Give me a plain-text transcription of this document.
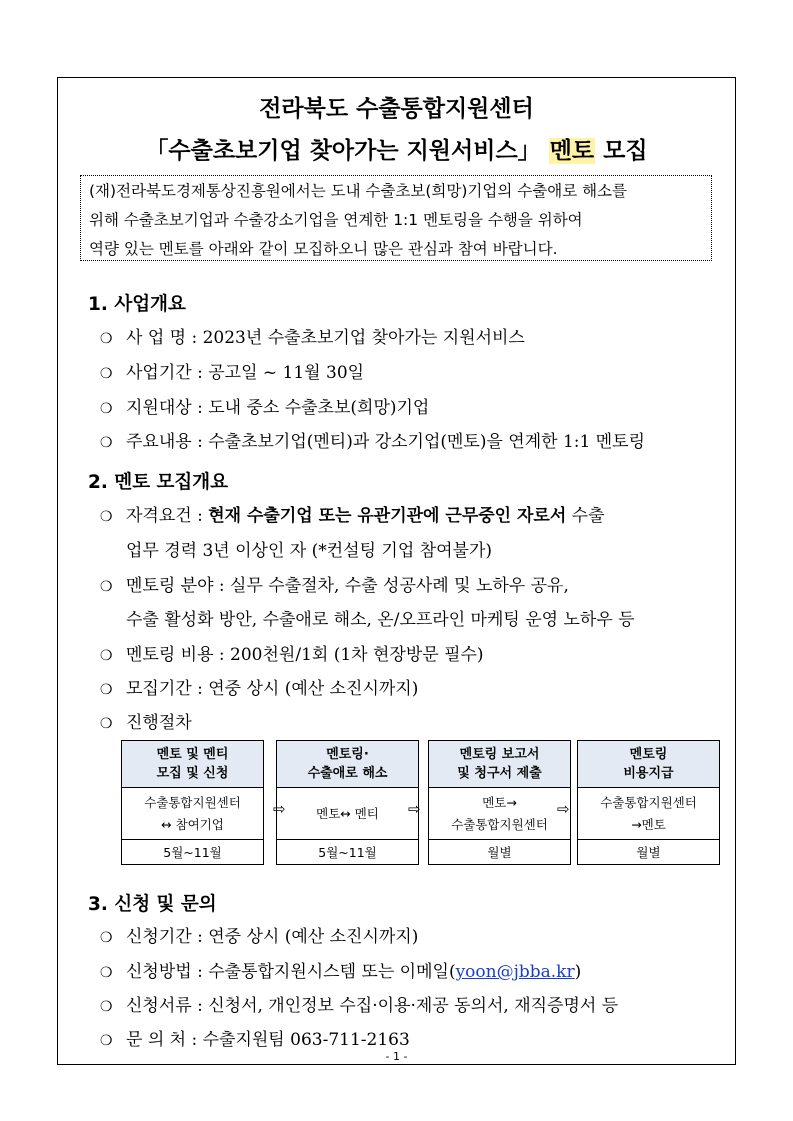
전라북도 수출통합지원센터
「수출초보기업 찾아가는 지원서비스」 멘토 모집

(재)전라북도경제통상진흥원에서는 도내 수출초보(희망)기업의 수출애로 해소를

위해 수출초보기업과 수출강소기업을 연계한 1:1 멘토링을 수행을 위하여

역량 있는 멘토를 아래와 같이 모집하오니 많은 관심과 참여 바랍니다.

1. 사업개요
❍ 사 업 명 : 2023년 수출초보기업 찾아가는 지원서비스
❍ 사업기간 : 공고일 ~ 11월 30일
❍ 지원대상 : 도내 중소 수출초보(희망)기업
❍ 주요내용 : 수출초보기업(멘티)과 강소기업(멘토)을 연계한 1:1 멘토링
2. 멘토 모집개요
❍ 자격요건 : 현재 수출기업 또는 유관기관에 근무중인 자로서 수출
업무 경력 3년 이상인 자 (*컨설팅 기업 참여불가)
❍ 멘토링 분야 : 실무 수출절차, 수출 성공사례 및 노하우 공유,
수출 활성화 방안, 수출애로 해소, 온/오프라인 마케팅 운영 노하우 등
❍ 멘토링 비용 : 200천원/1회 (1차 현장방문 필수)
❍ 모집기간 : 연중 상시 (예산 소진시까지)
❍ 진행절차
멘토 및 멘티
모집 및 신청
수출통합지원센터
↔ 참여기업
5월~11월
⇨
멘토링·
수출애로 해소
멘토↔ 멘티
5월~11월
⇨
멘토링 보고서
및 청구서 제출
멘토→
수출통합지원센터
월별
⇨
멘토링
비용지급
수출통합지원센터
→멘토
월별
3. 신청 및 문의
❍ 신청기간 : 연중 상시 (예산 소진시까지)
❍ 신청방법 : 수출통합지원시스템 또는 이메일(yoon@jbba.kr)
❍ 신청서류 : 신청서, 개인정보 수집·이용·제공 동의서, 재직증명서 등
❍ 문 의 처 : 수출지원팀 063-711-2163
- 1 -
